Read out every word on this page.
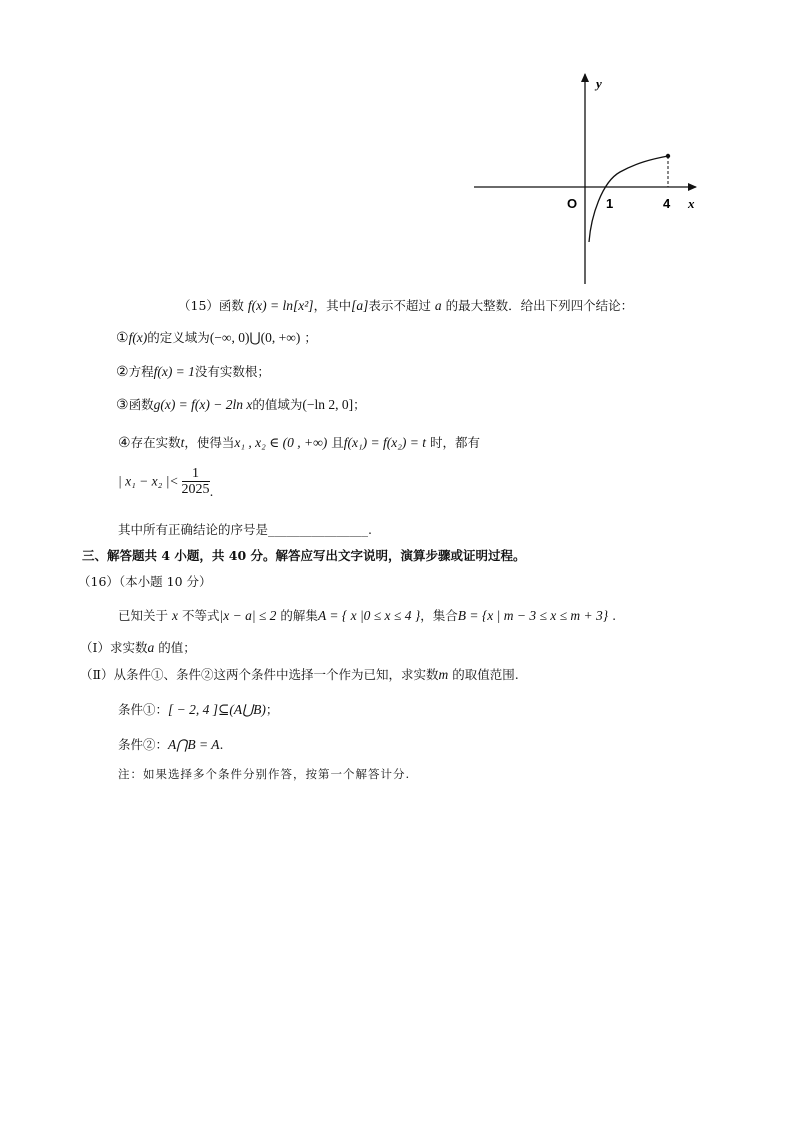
y
x
O 1	4
（15）函数 f(x) = ln[x²]，其中[a]表示不超过 a 的最大整数．给出下列四个结论：
①f(x)的定义域为(−∞, 0)⋃(0, +∞) ；
②方程f(x) = 1没有实数根；
③函数g(x) = f(x) − 2ln x的值域为(−ln 2, 0]；
④存在实数t，使得当x₁ , x₂ ∈ (0 , +∞) 且f(x₁) = f(x₂) = t 时，都有
| x₁ − x₂ |< $\frac{1}{2025} _.$
其中所有正确结论的序号是________________.
三、解答题共 4 小题，共 40 分。解答应写出文字说明，演算步骤或证明过程。
（16）（本小题 10 分）
已知关于 x 不等式|x − a| ≤ 2 的解集A = { x |0 ≤ x ≤ 4 }，集合B = {x | m − 3 ≤ x ≤ m + 3} .
（Ⅰ）求实数a 的值；
（Ⅱ）从条件①、条件②这两个条件中选择一个作为已知，求实数m 的取值范围.
条件①：[ − 2, 4 ]⊆(A⋃B)；
条件②：A⋂B = A.
注：如果选择多个条件分别作答，按第一个解答计分.
